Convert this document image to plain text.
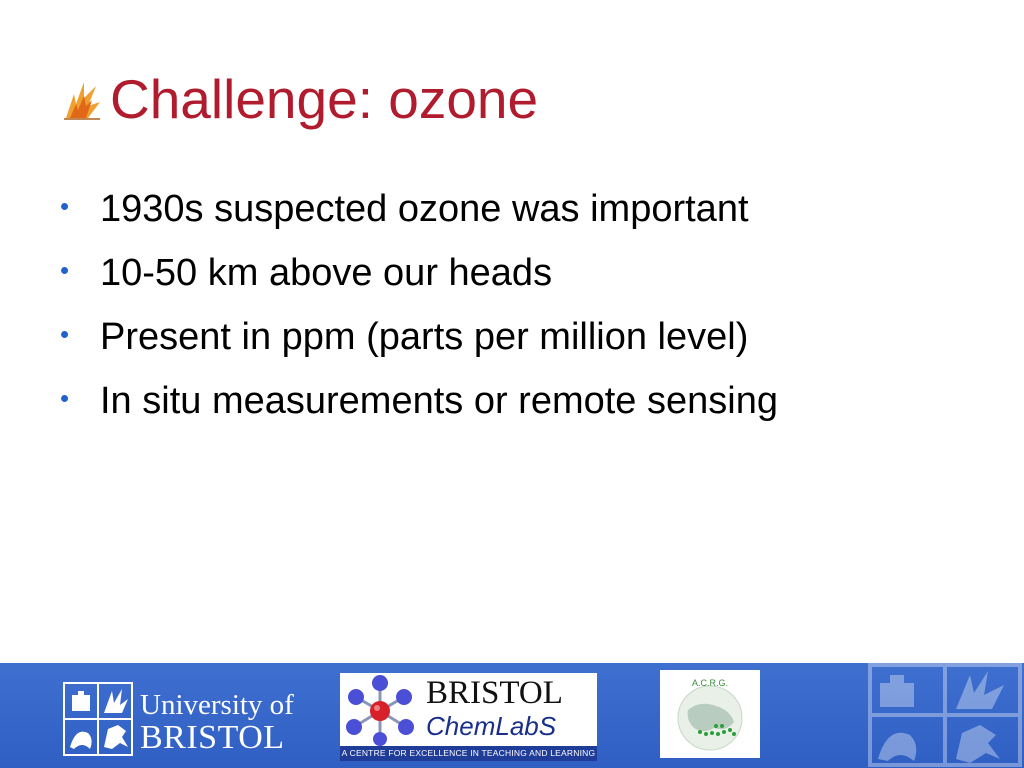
Challenge: ozone
• 1930s suspected ozone was important
• 10-50 km above our heads
• Present in ppm (parts per million level)
• In situ measurements or remote sensing
University of
BRISTOL
BRISTOL
ChemLabS
A CENTRE FOR EXCELLENCE IN TEACHING AND LEARNING
A.C.R.G.
